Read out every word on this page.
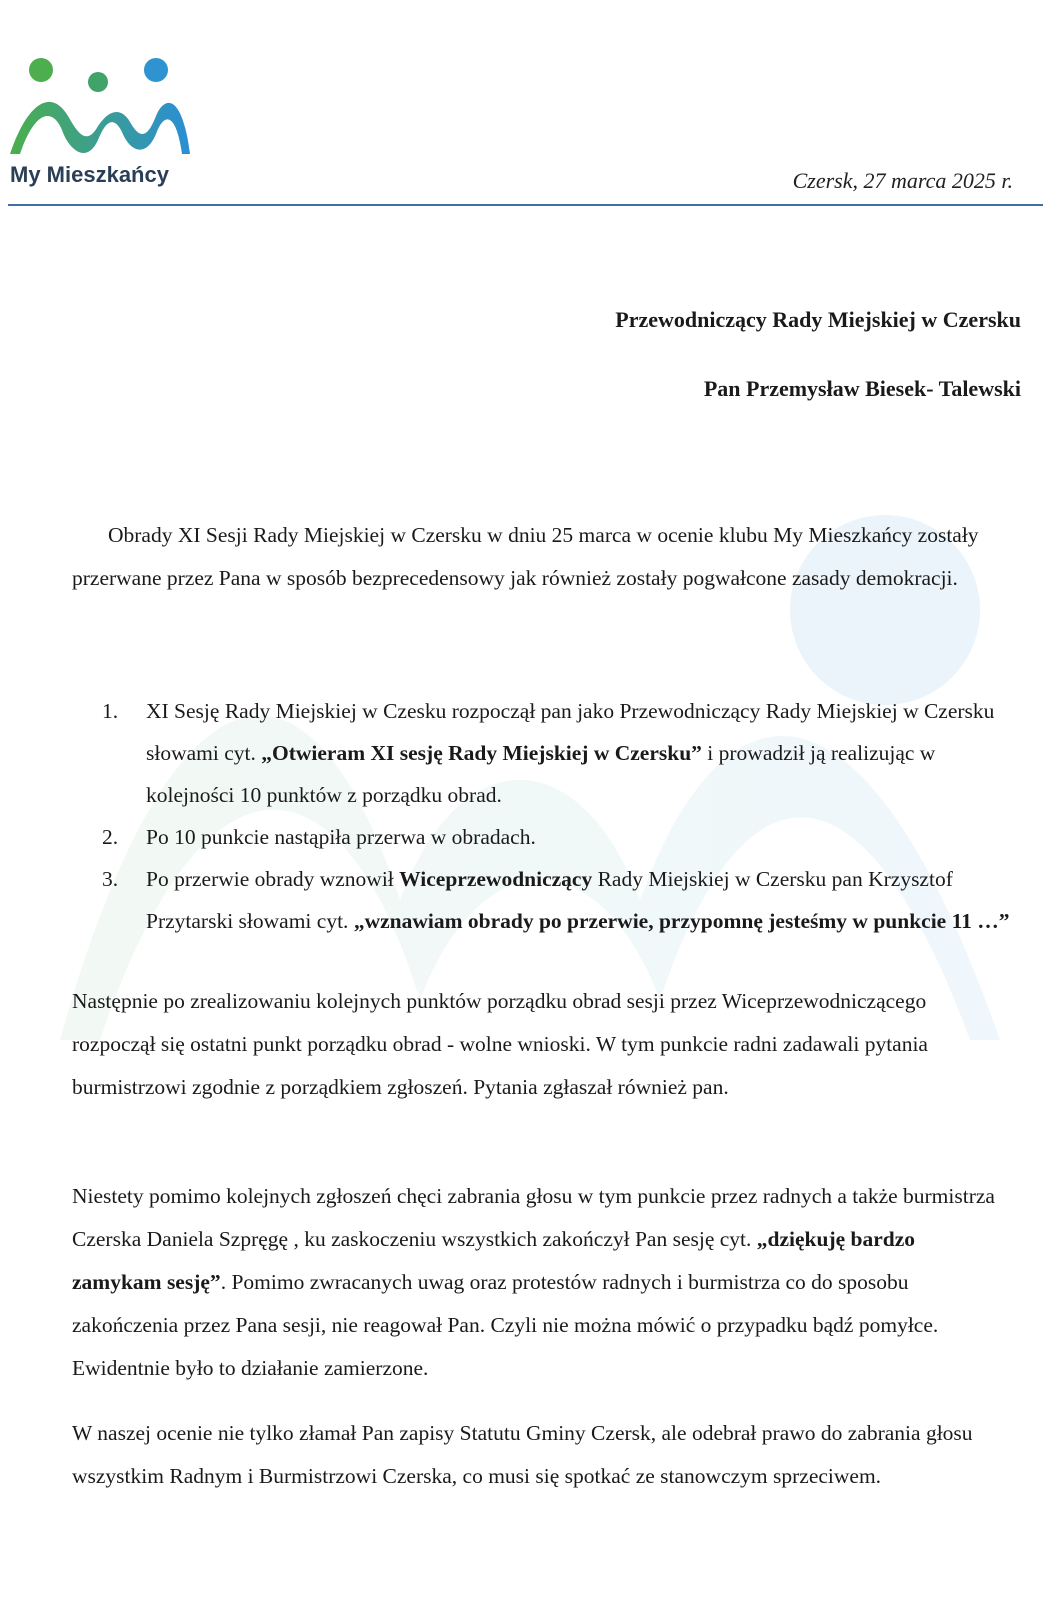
My Mieszkańcy	Czersk, 27 marca 2025 r.
Przewodniczący Rady Miejskiej w Czersku
Pan Przemysław Biesek- Talewski
Obrady XI Sesji Rady Miejskiej w Czersku w dniu 25 marca w ocenie klubu My Mieszkańcy zostały przerwane przez Pana w sposób bezprecedensowy jak również zostały pogwałcone zasady demokracji.
1. XI Sesję Rady Miejskiej w Czesku rozpoczął pan jako Przewodniczący Rady Miejskiej w Czersku słowami cyt. „Otwieram XI sesję Rady Miejskiej w Czersku” i prowadził ją realizując w kolejności 10 punktów z porządku obrad.
2. Po 10 punkcie nastąpiła przerwa w obradach.
3. Po przerwie obrady wznowił Wiceprzewodniczący Rady Miejskiej w Czersku pan Krzysztof Przytarski słowami cyt. „wznawiam obrady po przerwie, przypomnę jesteśmy w punkcie 11 …”
Następnie po zrealizowaniu kolejnych punktów porządku obrad sesji przez Wiceprzewodniczącego rozpoczął się ostatni punkt porządku obrad - wolne wnioski. W tym punkcie radni zadawali pytania burmistrzowi zgodnie z porządkiem zgłoszeń. Pytania zgłaszał również pan.
Niestety pomimo kolejnych zgłoszeń chęci zabrania głosu w tym punkcie przez radnych a także burmistrza Czerska Daniela Szpręgę , ku zaskoczeniu wszystkich zakończył Pan sesję cyt. „dziękuję bardzo zamykam sesję”. Pomimo zwracanych uwag oraz protestów radnych i burmistrza co do sposobu zakończenia przez Pana sesji, nie reagował Pan. Czyli nie można mówić o przypadku bądź pomyłce. Ewidentnie było to działanie zamierzone.
W naszej ocenie nie tylko złamał Pan zapisy Statutu Gminy Czersk, ale odebrał prawo do zabrania głosu wszystkim Radnym i Burmistrzowi Czerska, co musi się spotkać ze stanowczym sprzeciwem.
